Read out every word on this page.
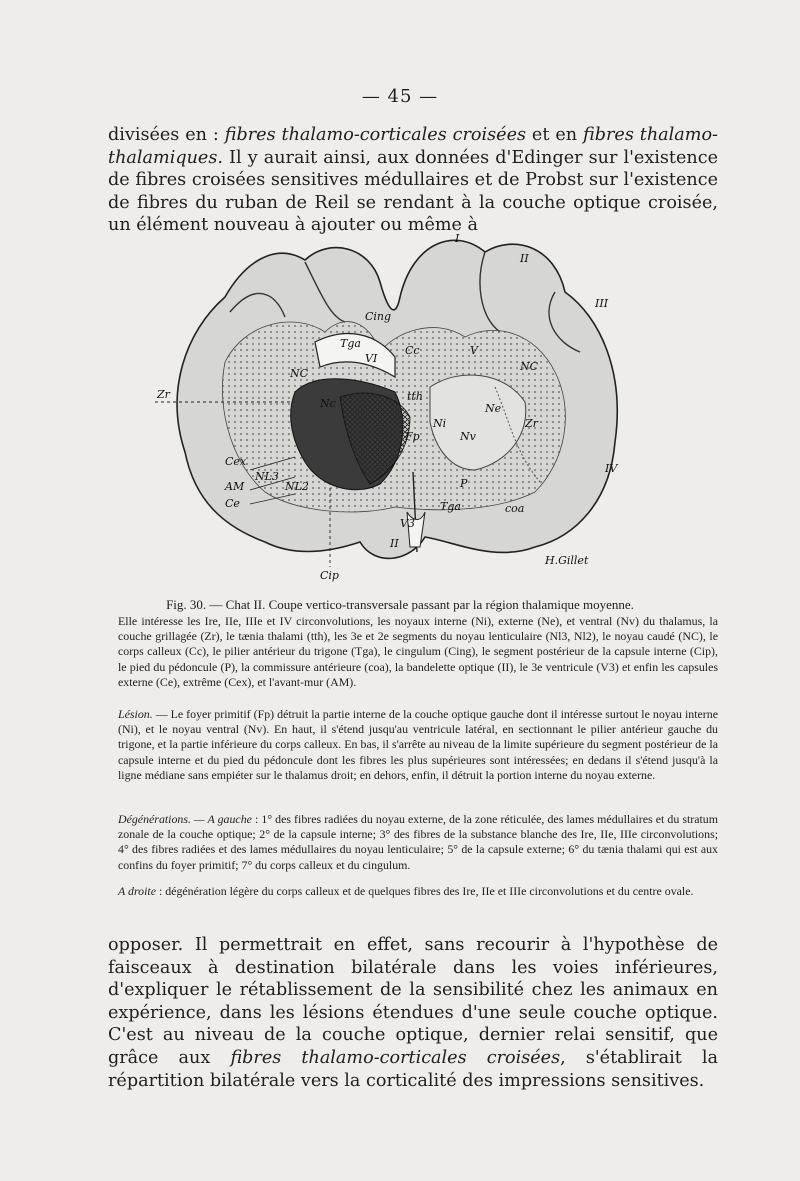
— 45 —

divisées en : fibres thalamo-corticales croisées et en fibres thalamo-thalamiques. Il y aurait ainsi, aux données d'Edinger sur l'existence de fibres croisées sensitives médullaires et de Probst sur l'existence de fibres du ruban de Reil se rendant à la couche optique croisée, un élément nouveau à ajouter ou même à

I
II
III
IV
Cing
Cc
Tga
VI
V
NC
NC
tth
Zr
Zr
Nc	Ne
Ni
Nv
Fp
Cex
NL3
NL2
AM
Ce
P
Tga
V3
coa
II
Cip
H.Gillet
Fig. 30. — Chat II. Coupe vertico-transversale passant par la région thalamique moyenne.

Elle intéresse les Ire, IIe, IIIe et IV circonvolutions, les noyaux interne (Ni), externe (Ne), et ventral (Nv) du thalamus, la couche grillagée (Zr), le tænia thalami (tth), les 3e et 2e segments du noyau lenticulaire (Nl3, Nl2), le noyau caudé (NC), le corps calleux (Cc), le pilier antérieur du trigone (Tga), le cingulum (Cing), le segment postérieur de la capsule interne (Cip), le pied du pédoncule (P), la commissure antérieure (coa), la bandelette optique (II), le 3e ventricule (V3) et enfin les capsules externe (Ce), extrême (Cex), et l'avant-mur (AM).

Lésion. — Le foyer primitif (Fp) détruit la partie interne de la couche optique gauche dont il intéresse surtout le noyau interne (Ni), et le noyau ventral (Nv). En haut, il s'étend jusqu'au ventricule latéral, en sectionnant le pilier antérieur gauche du trigone, et la partie inférieure du corps calleux. En bas, il s'arrête au niveau de la limite supérieure du segment postérieur de la capsule interne et du pied du pédoncule dont les fibres les plus supérieures sont intéressées; en dedans il s'étend jusqu'à la ligne médiane sans empiéter sur le thalamus droit; en dehors, enfin, il détruit la portion interne du noyau externe.

Dégénérations. — A gauche : 1° des fibres radiées du noyau externe, de la zone réticulée, des lames médullaires et du stratum zonale de la couche optique; 2° de la capsule interne; 3° des fibres de la substance blanche des Ire, IIe, IIIe circonvolutions; 4° des fibres radiées et des lames médullaires du noyau lenticulaire; 5° de la capsule externe; 6° du tænia thalami qui est aux confins du foyer primitif; 7° du corps calleux et du cingulum.

A droite : dégénération légère du corps calleux et de quelques fibres des Ire, IIe et IIIe circonvolutions et du centre ovale.

opposer. Il permettrait en effet, sans recourir à l'hypothèse de faisceaux à destination bilatérale dans les voies inférieures, d'expliquer le rétablissement de la sensibilité chez les animaux en expérience, dans les lésions étendues d'une seule couche optique. C'est au niveau de la couche optique, dernier relai sensitif, que grâce aux fibres thalamo-corticales croisées, s'établirait la répartition bilatérale vers la corticalité des impressions sensitives.
